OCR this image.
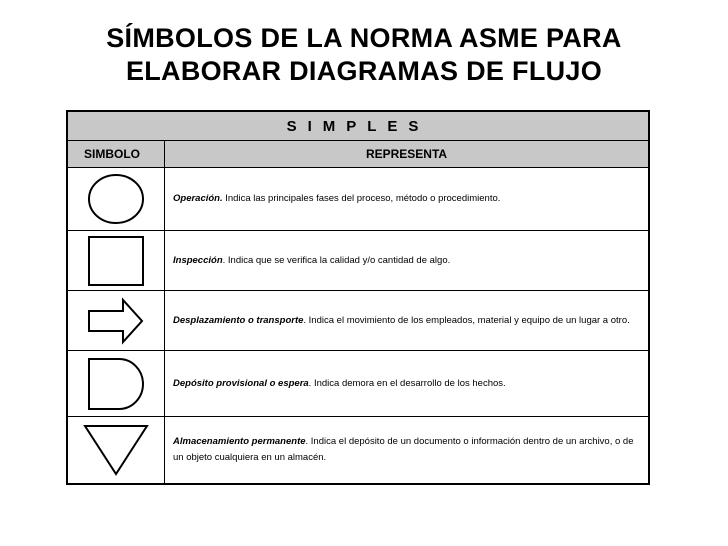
SÍMBOLOS DE LA NORMA ASME PARA
ELABORAR DIAGRAMAS DE FLUJO
SIMPLES	
SIMBOLO	REPRESENTA

	Operación. Indica las principales fases del proceso, método o procedimiento.

	Inspección. Indica que se verifica la calidad y/o cantidad de algo.

	Desplazamiento o transporte. Indica el movimiento de los empleados, material y equipo de un lugar a otro.

	Depósito provisional o espera. Indica demora en el desarrollo de los hechos.

	Almacenamiento permanente. Indica el depósito de un documento o información dentro de un archivo, o de un objeto cualquiera en un almacén.
